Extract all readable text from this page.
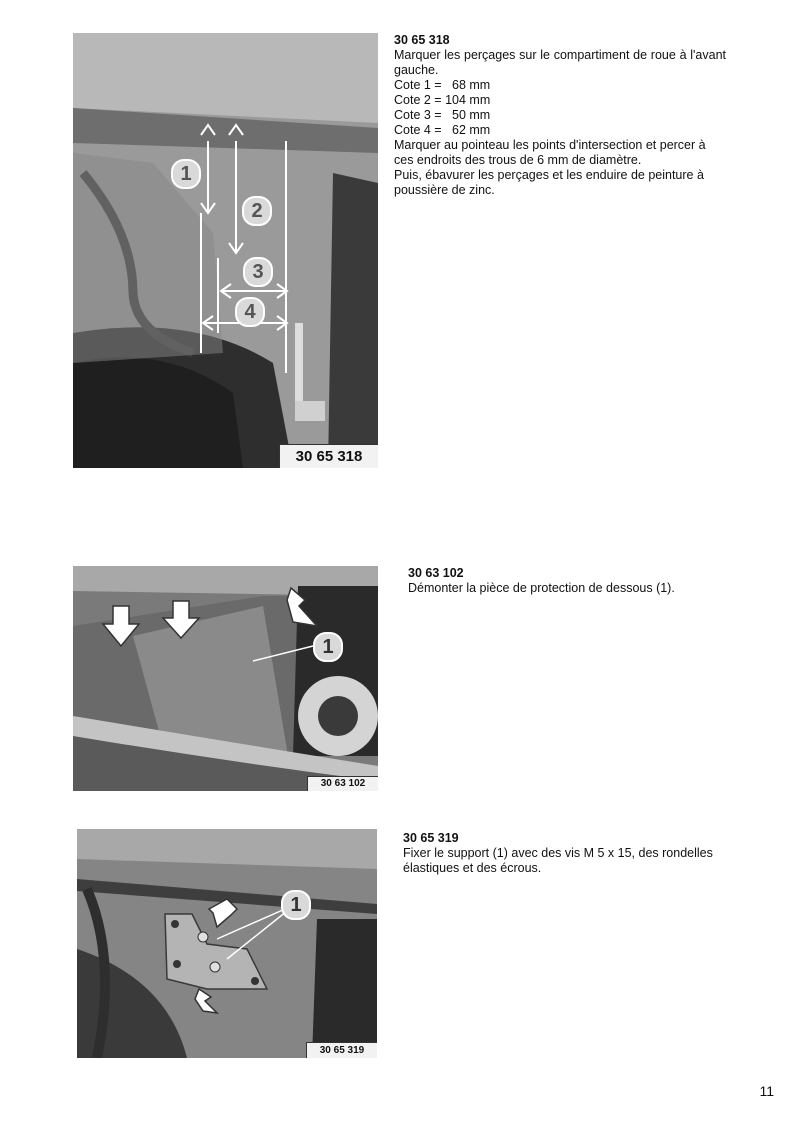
1
2
3
4
30 65 318

30 65 318

Marquer les perçages sur le compartiment de roue à l'avant gauche.

Cote 1 =   68 mm

Cote 2 = 104 mm

Cote 3 =   50 mm

Cote 4 =   62 mm

Marquer au pointeau les points d'intersection et percer à ces endroits des trous de 6 mm de diamètre.

Puis, ébavurer les perçages et les enduire de peinture à poussière de zinc.

1
30 63 102

30 63 102

Démonter la pièce de protection de dessous (1).

1
30 65 319

30 65 319

Fixer le support (1) avec des vis M 5 x 15, des rondelles élastiques et des écrous.

11
